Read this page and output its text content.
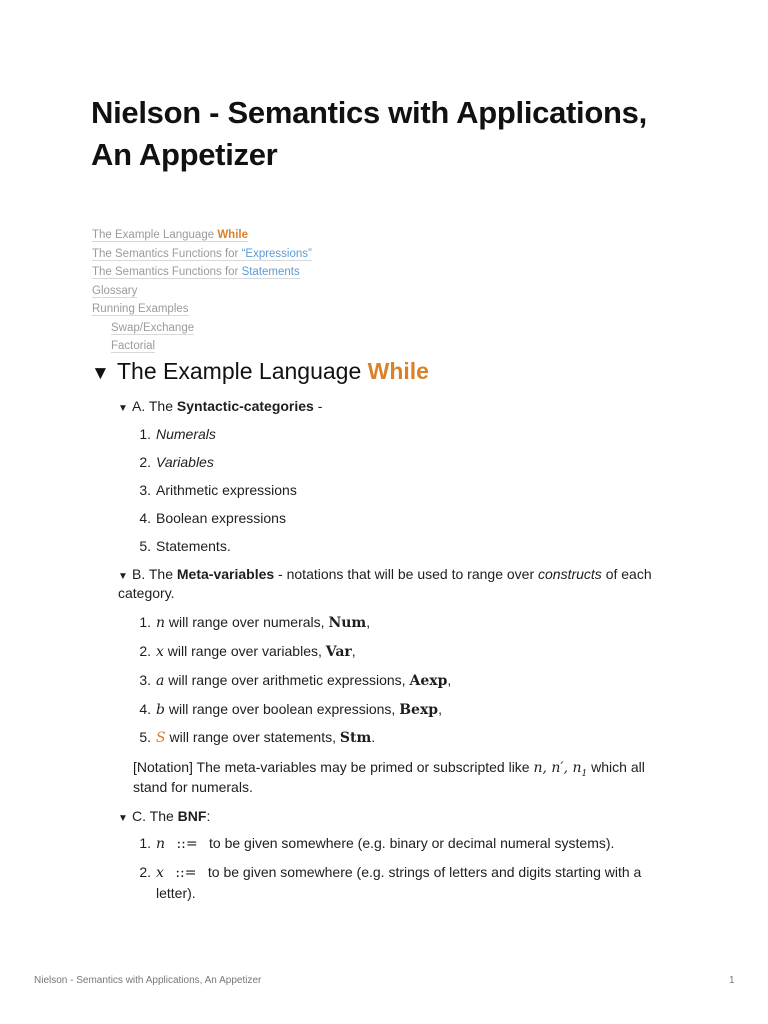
Nielson - Semantics with Applications, An Appetizer
The Example Language While
The Semantics Functions for “Expressions”
The Semantics Functions for Statements
Glossary
Running Examples
Swap/Exchange
Factorial
▼ The Example Language While
▼ A. The Syntactic-categories -
1. Numerals
2. Variables
3. Arithmetic expressions
4. Boolean expressions
5. Statements.
▼ B. The Meta-variables - notations that will be used to range over constructs of each
category.
1. n will range over numerals, Num,
2. x will range over variables, Var,
3. a will range over arithmetic expressions, Aexp,
4. b will range over boolean expressions, Bexp,
5. S will range over statements, Stm.
[Notation] The meta-variables may be primed or subscripted like n, n′, $n_1$ which all
stand for numerals.
▼ C. The BNF:
1. n ::= to be given somewhere (e.g. binary or decimal numeral systems).
2. x ::= to be given somewhere (e.g. strings of letters and digits starting with a
letter).
Nielson - Semantics with Applications, An Appetizer	1
